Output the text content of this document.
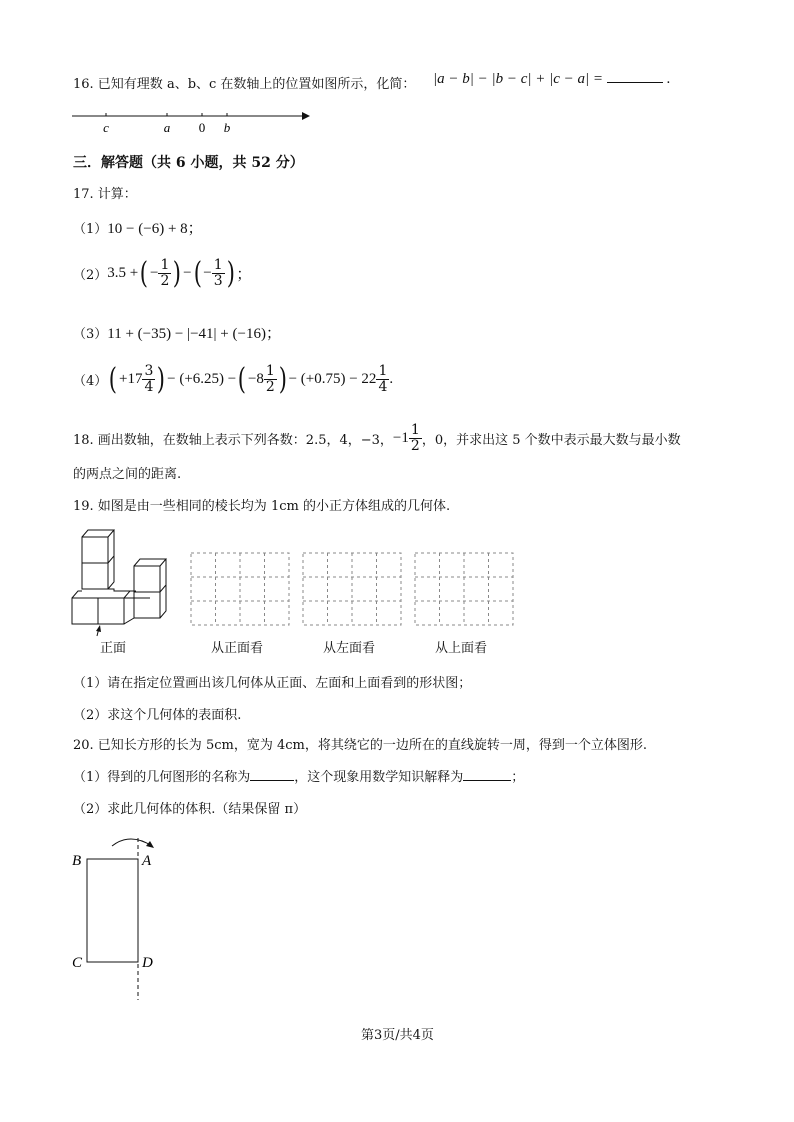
16. 已知有理数 a、b、c 在数轴上的位置如图所示，化简： |a − b| − |b − c| + |c − a| =	.
c	a 0 b
三．解答题（共 6 小题，共 52 分）
17. 计算：
（1） 10 − (−6) + 8；
（2） 3.5 + ( − $\frac{1}{2}$ ) − ( − $\frac{1}{3}$ ) ；
（3） 11 + (−35) − |−41| + (−16)；
（4） ( $+17 \frac{3}{4}$ ) − (+6.25) − ( $-8 \frac{1}{2}$ ) − $(+0.75) - 22 \frac{1}{4}$ .
18. 画出数轴，在数轴上表示下列各数：2.5，4，−3， $-1 \frac{1}{2}$ ，0，并求出这 5 个数中表示最大数与最小数
的两点之间的距离.
19. 如图是由一些相同的棱长均为 1cm 的小正方体组成的几何体.
正面	从正面看	从左面看	从上面看
（1）请在指定位置画出该几何体从正面、左面和上面看到的形状图；
（2）求这个几何体的表面积.
20. 已知长方形的长为 5cm，宽为 4cm，将其绕它的一边所在的直线旋转一周，得到一个立体图形.
（1）得到的几何图形的名称为	，这个现象用数学知识解释为	；
（2）求此几何体的体积.（结果保留 π）
A
B
C	D
第3页/共4页
